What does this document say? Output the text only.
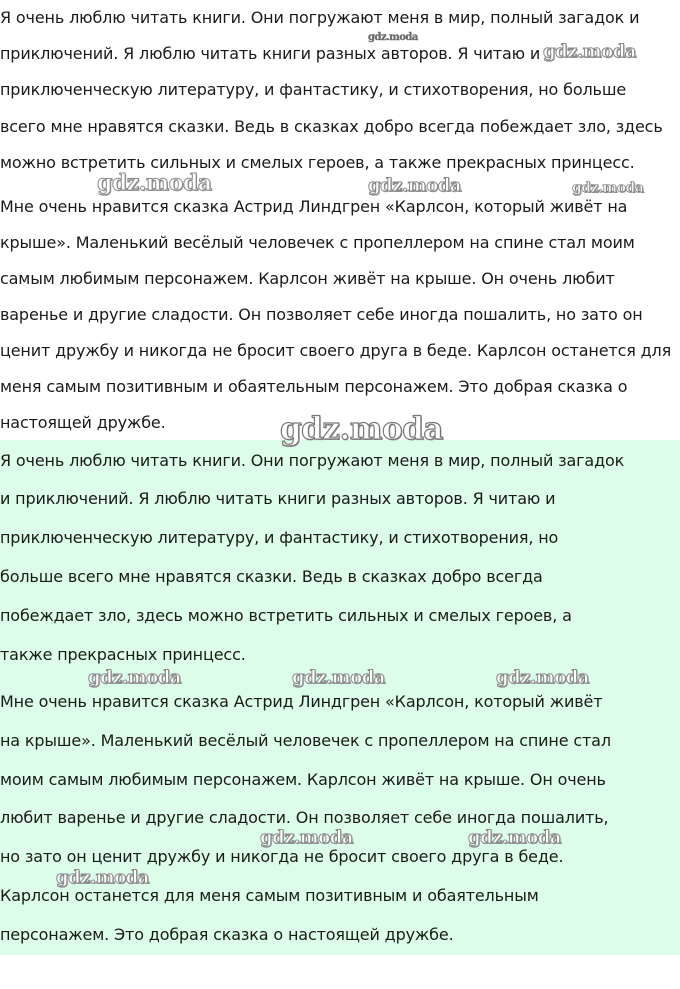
Я очень люблю читать книги. Они погружают меня в мир, полный загадок и
приключений. Я люблю читать книги разных авторов. Я читаю и
приключенческую литературу, и фантастику, и стихотворения, но больше
всего мне нравятся сказки. Ведь в сказках добро всегда побеждает зло, здесь
можно встретить сильных и смелых героев, а также прекрасных принцесс.
Мне очень нравится сказка Астрид Линдгрен «Карлсон, который живёт на
крыше». Маленький весёлый человечек с пропеллером на спине стал моим
самым любимым персонажем. Карлсон живёт на крыше. Он очень любит
варенье и другие сладости. Он позволяет себе иногда пошалить, но зато он
ценит дружбу и никогда не бросит своего друга в беде. Карлсон останется для
меня самым позитивным и обаятельным персонажем. Это добрая сказка о
настоящей дружбе.
Я очень люблю читать книги. Они погружают меня в мир, полный загадок
и приключений. Я люблю читать книги разных авторов. Я читаю и
приключенческую литературу, и фантастику, и стихотворения, но
больше всего мне нравятся сказки. Ведь в сказках добро всегда
побеждает зло, здесь можно встретить сильных и смелых героев, а
также прекрасных принцесс.
Мне очень нравится сказка Астрид Линдгрен «Карлсон, который живёт
на крыше». Маленький весёлый человечек с пропеллером на спине стал
моим самым любимым персонажем. Карлсон живёт на крыше. Он очень
любит варенье и другие сладости. Он позволяет себе иногда пошалить,
но зато он ценит дружбу и никогда не бросит своего друга в беде.
Карлсон останется для меня самым позитивным и обаятельным
персонажем. Это добрая сказка о настоящей дружбе.
gdz.moda
gdz.moda
gdz.moda	gdz.moda	gdz.moda
gdz.moda
gdz.moda	gdz.moda	gdz.moda
gdz.moda	gdz.moda
gdz.moda
